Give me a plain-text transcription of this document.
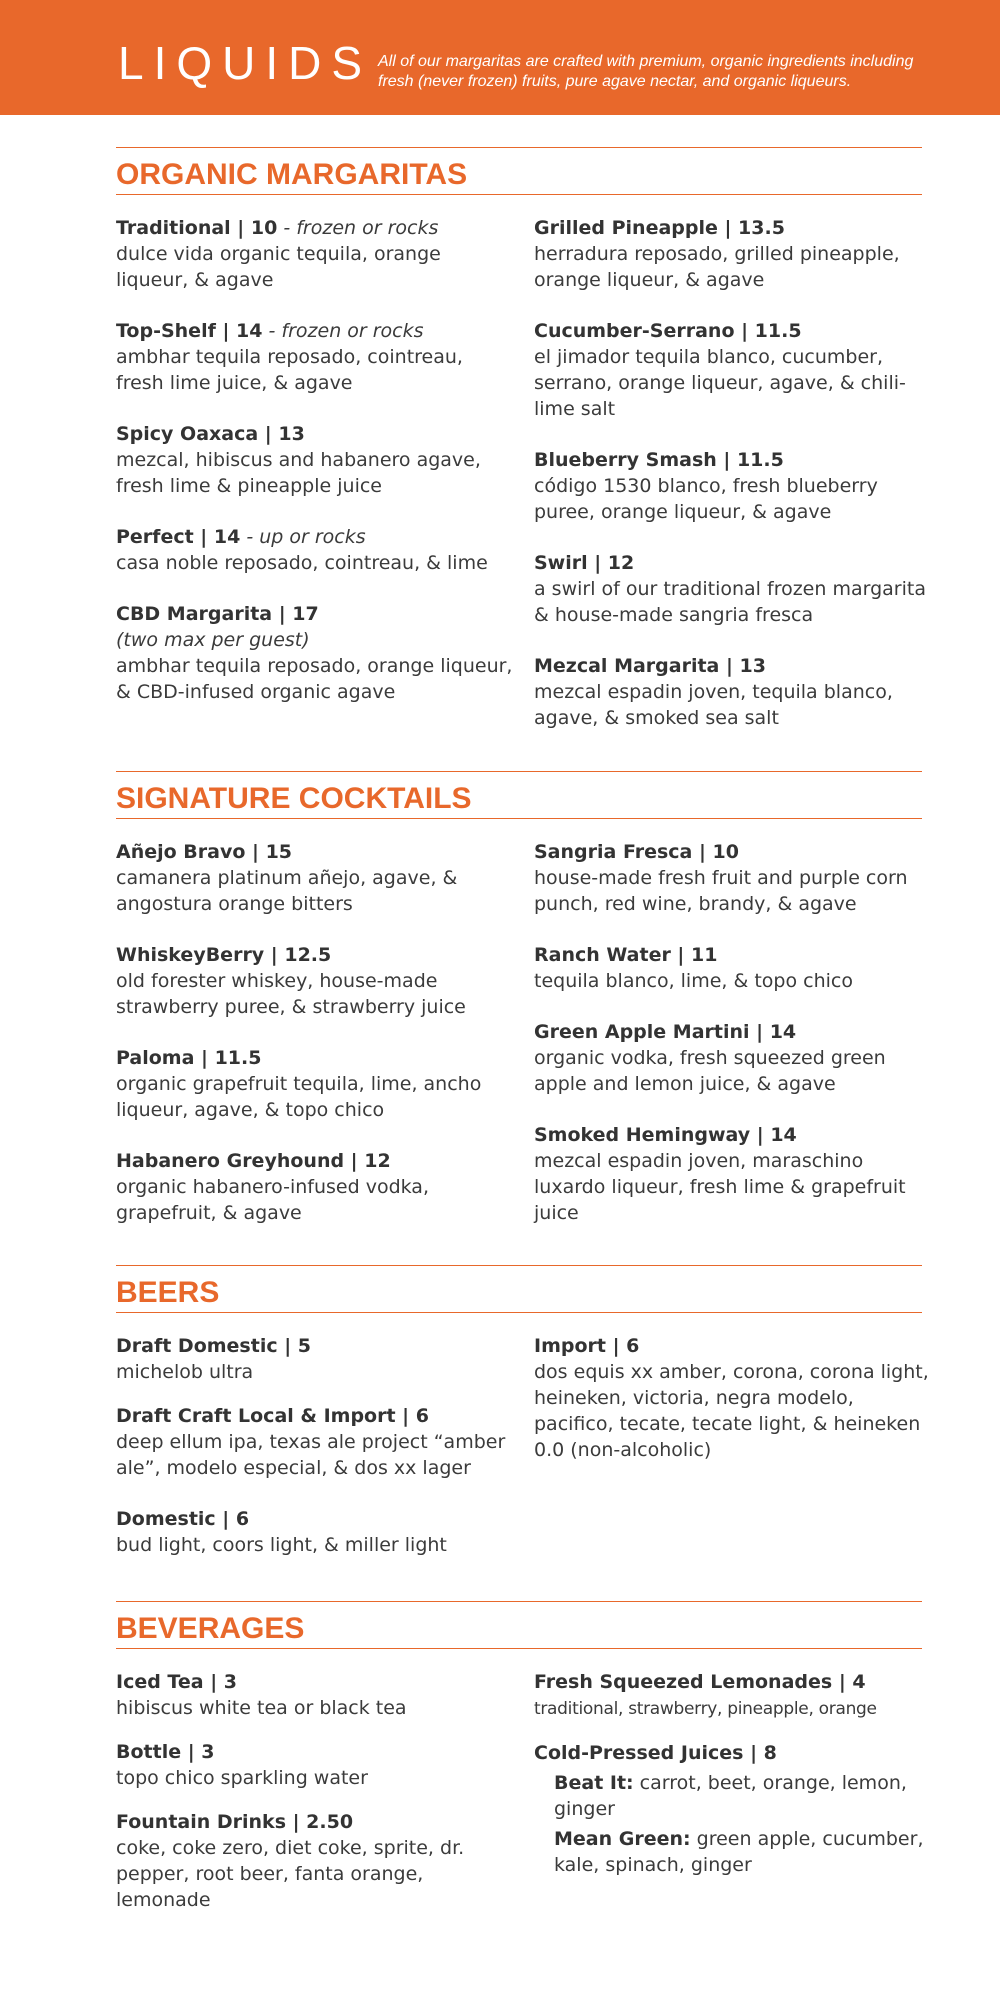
LIQUIDS All of our margaritas are crafted with premium, organic ingredients including fresh (never frozen) fruits, pure agave nectar, and organic liqueurs.
ORGANIC MARGARITAS
Traditional | 10 - frozen or rocks
dulce vida organic tequila, orange liqueur, & agave
Top-Shelf | 14 - frozen or rocks
ambhar tequila reposado, cointreau, fresh lime juice, & agave
Spicy Oaxaca | 13
mezcal, hibiscus and habanero agave, fresh lime & pineapple juice
Perfect | 14 - up or rocks
casa noble reposado, cointreau, & lime
CBD Margarita | 17
(two max per guest)
ambhar tequila reposado, orange liqueur, & CBD-infused organic agave
Grilled Pineapple | 13.5
herradura reposado, grilled pineapple, orange liqueur, & agave
Cucumber-Serrano | 11.5
el jimador tequila blanco, cucumber, serrano, orange liqueur, agave, & chili-lime salt
Blueberry Smash | 11.5
código 1530 blanco, fresh blueberry puree, orange liqueur, & agave
Swirl | 12
a swirl of our traditional frozen margarita & house-made sangria fresca
Mezcal Margarita | 13
mezcal espadin joven, tequila blanco, agave, & smoked sea salt
SIGNATURE COCKTAILS
Añejo Bravo | 15
camanera platinum añejo, agave, & angostura orange bitters
WhiskeyBerry | 12.5
old forester whiskey, house-made strawberry puree, & strawberry juice
Paloma | 11.5
organic grapefruit tequila, lime, ancho liqueur, agave, & topo chico
Habanero Greyhound | 12
organic habanero-infused vodka, grapefruit, & agave
Sangria Fresca | 10
house-made fresh fruit and purple corn punch, red wine, brandy, & agave
Ranch Water | 11
tequila blanco, lime, & topo chico
Green Apple Martini | 14
organic vodka, fresh squeezed green apple and lemon juice, & agave
Smoked Hemingway | 14
mezcal espadin joven, maraschino luxardo liqueur, fresh lime & grapefruit juice
BEERS
Draft Domestic | 5
michelob ultra
Draft Craft Local & Import | 6
deep ellum ipa, texas ale project “amber ale”, modelo especial, & dos xx lager
Domestic | 6
bud light, coors light, & miller light
Import | 6
dos equis xx amber, corona, corona light, heineken, victoria, negra modelo, pacifico, tecate, tecate light, & heineken 0.0 (non-alcoholic)
BEVERAGES
Iced Tea | 3
hibiscus white tea or black tea
Bottle | 3
topo chico sparkling water
Fountain Drinks | 2.50
coke, coke zero, diet coke, sprite, dr. pepper, root beer, fanta orange, lemonade
Fresh Squeezed Lemonades | 4
traditional, strawberry, pineapple, orange
Cold-Pressed Juices | 8
Beat It: carrot, beet, orange, lemon, ginger
Mean Green: green apple, cucumber, kale, spinach, ginger
